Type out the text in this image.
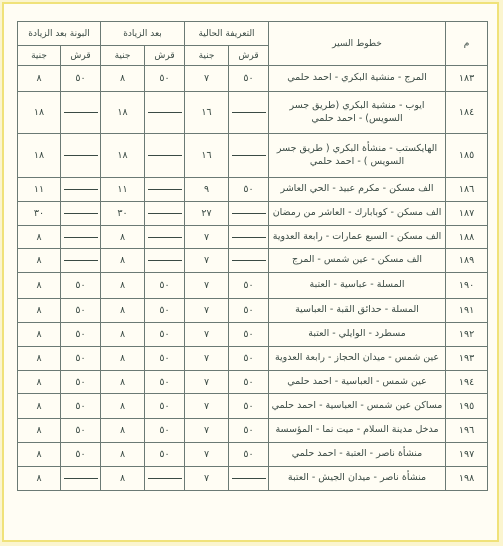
م	خطوط السير	التعريفة الحالية		بعد الزيادة		البونة بعد الزيادة	
		قرش	جنية	قرش	جنية	قرش	جنية
١٨٣	المرج - منشية البكري - احمد حلمي	٥٠	٧	٥٠	٨	٥٠	٨
١٨٤	ايوب - منشية البكري (طريق جسر السويس) - احمد حلمي		١٦		١٨		١٨
١٨٥	الهايكستب - منشأة البكري ( طريق جسر السويس ) - احمد حلمي		١٦		١٨		١٨
١٨٦	الف مسكن - مكرم عبيد - الحي العاشر	٥٠	٩		١١		١١
١٨٧	الف مسكن - كوبابارك - العاشر من رمضان		٢٧		٣٠		٣٠
١٨٨	الف مسكن - السبع عمارات - رابعة العدوية		٧		٨		٨
١٨٩	الف مسكن - عين شمس - المرج		٧		٨		٨
١٩٠	المسلة - عباسية - العتبة	٥٠	٧	٥٠	٨	٥٠	٨
١٩١	المسلة - حدائق القبة - العباسية	٥٠	٧	٥٠	٨	٥٠	٨
١٩٢	مسطرد - الوايلي - العتبة	٥٠	٧	٥٠	٨	٥٠	٨
١٩٣	عين شمس - ميدان الحجاز - رابعة العدوية	٥٠	٧	٥٠	٨	٥٠	٨
١٩٤	عين شمس - العباسية - احمد حلمي	٥٠	٧	٥٠	٨	٥٠	٨
١٩٥	مساكن عين شمس - العباسية - احمد حلمي	٥٠	٧	٥٠	٨	٥٠	٨
١٩٦	مدخل مدينة السلام - ميت نما - المؤسسة	٥٠	٧	٥٠	٨	٥٠	٨
١٩٧	منشأة ناصر - العتبة - احمد حلمي	٥٠	٧	٥٠	٨	٥٠	٨
١٩٨	منشأة ناصر - ميدان الجيش - العتبة		٧		٨		٨
